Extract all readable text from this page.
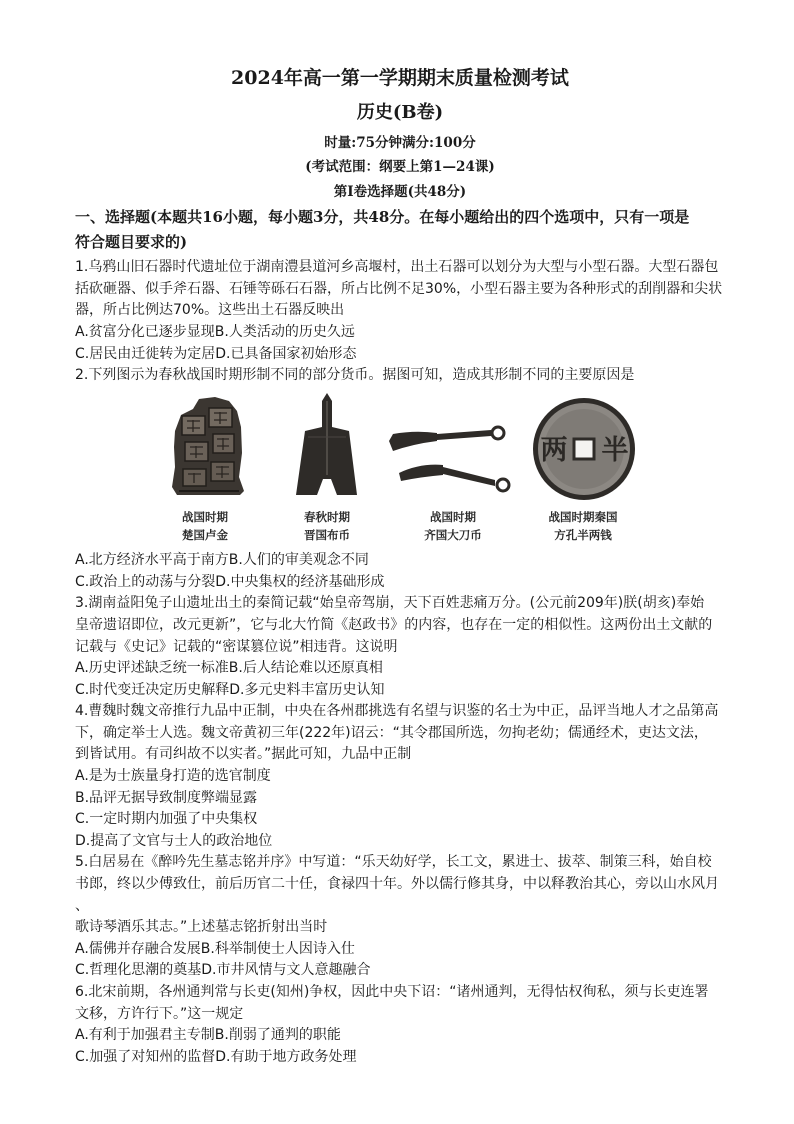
2024年高一第一学期期末质量检测考试
历史(B卷)
时量:75分钟满分:100分
(考试范围：纲要上第1—24课)
第Ⅰ卷选择题(共48分)
一、选择题(本题共16小题，每小题3分，共48分。在每小题给出的四个选项中，只有一项是
符合题目要求的)
1.乌鸦山旧石器时代遗址位于湖南澧县道河乡高堰村，出土石器可以划分为大型与小型石器。大型石器包
括砍砸器、似手斧石器、石锤等砾石石器，所占比例不足30%，小型石器主要为各种形式的刮削器和尖状
器，所占比例达70%。这些出土石器反映出
A.贫富分化已逐步显现B.人类活动的历史久远
C.居民由迁徙转为定居D.已具备国家初始形态
2.下列图示为春秋战国时期形制不同的部分货币。据图可知，造成其形制不同的主要原因是
两 半
战国时期
楚国卢金
春秋时期
晋国布币
战国时期
齐国大刀币
战国时期秦国
方孔半两钱
A.北方经济水平高于南方B.人们的审美观念不同
C.政治上的动荡与分裂D.中央集权的经济基础形成
3.湖南益阳兔子山遗址出土的秦简记载“始皇帝驾崩，天下百姓悲痛万分。(公元前209年)朕(胡亥)奉始
皇帝遗诏即位，改元更新”，它与北大竹简《赵政书》的内容，也存在一定的相似性。这两份出土文献的
记载与《史记》记载的“密谋篡位说”相违背。这说明
A.历史评述缺乏统一标准B.后人结论难以还原真相
C.时代变迁决定历史解释D.多元史料丰富历史认知
4.曹魏时魏文帝推行九品中正制，中央在各州郡挑选有名望与识鉴的名士为中正，品评当地人才之品第高
下，确定举士人选。魏文帝黄初三年(222年)诏云：“其令郡国所选，勿拘老幼；儒通经术，吏达文法，
到皆试用。有司纠故不以实者。”据此可知，九品中正制
A.是为士族量身打造的选官制度
B.品评无据导致制度弊端显露
C.一定时期内加强了中央集权
D.提高了文官与士人的政治地位
5.白居易在《醉吟先生墓志铭并序》中写道：“乐天幼好学，长工文，累进士、拔萃、制策三科，始自校
书郎，终以少傅致仕，前后历官二十任，食禄四十年。外以儒行修其身，中以释教治其心，旁以山水风月
、
歌诗琴酒乐其志。”上述墓志铭折射出当时
A.儒佛并存融合发展B.科举制使士人因诗入仕
C.哲理化思潮的奠基D.市井风情与文人意趣融合
6.北宋前期，各州通判常与长吏(知州)争权，因此中央下诏：“诸州通判，无得怙权徇私，须与长吏连署
文移，方许行下。”这一规定
A.有利于加强君主专制B.削弱了通判的职能
C.加强了对知州的监督D.有助于地方政务处理
